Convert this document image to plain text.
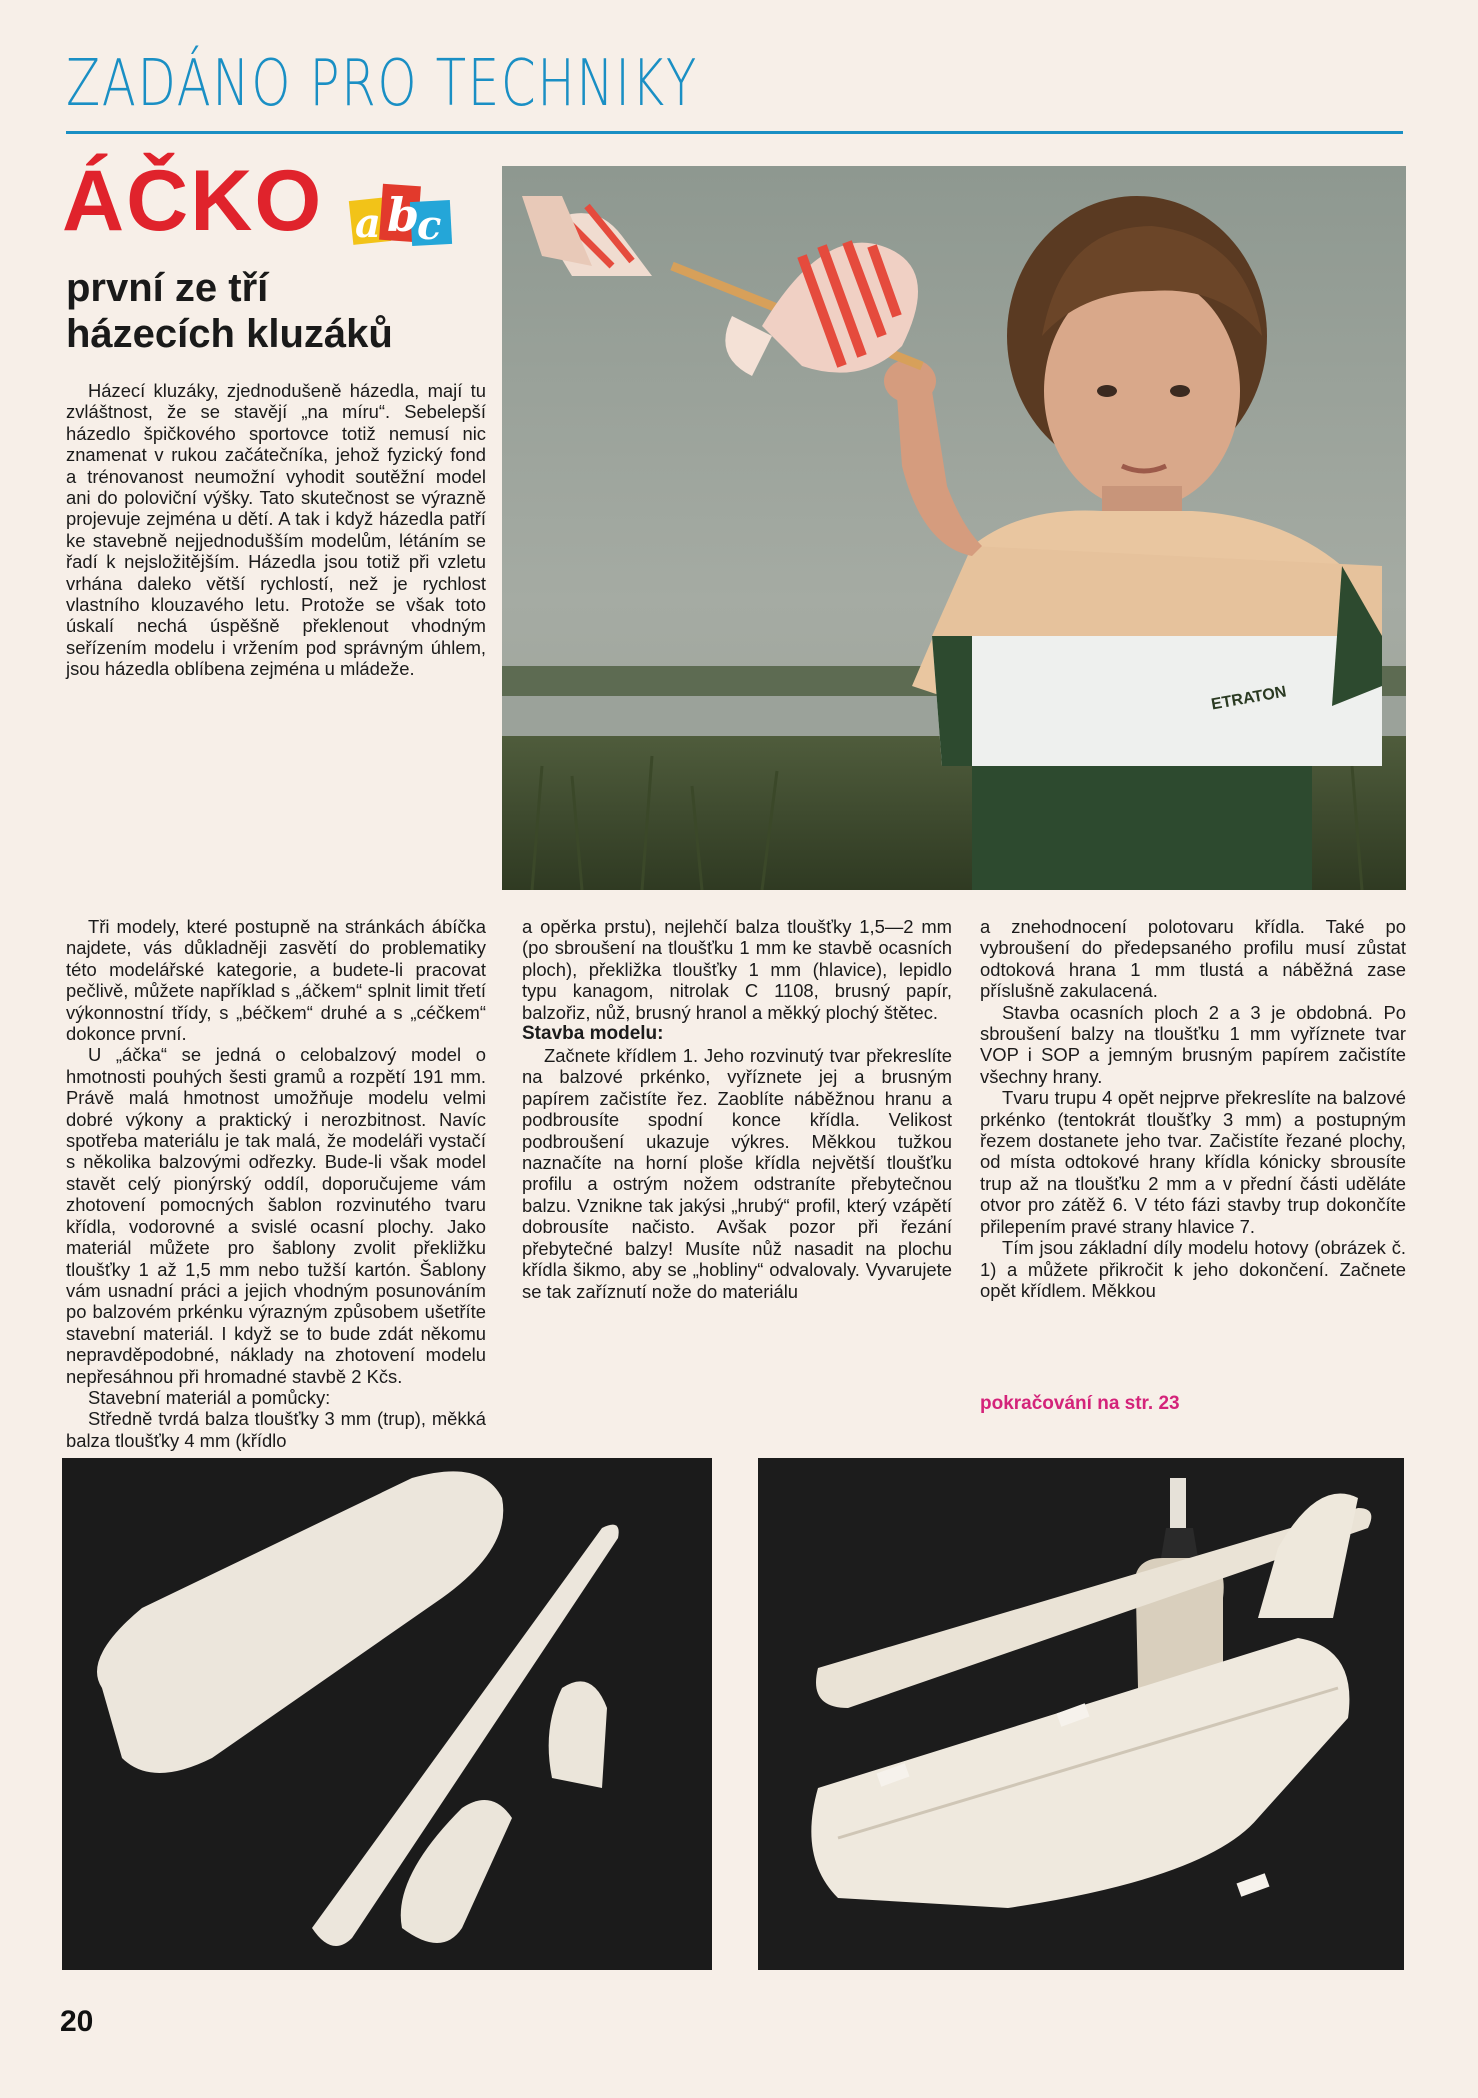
ZADÁNO PRO TECHNIKY
ÁČKO a b
c
první ze tří
házecích kluzáků

Házecí kluzáky, zjednodušeně házedla, mají tu zvláštnost, že se stavějí „na míru“. Sebelepší házedlo špičkového sportovce totiž nemusí nic znamenat v rukou začátečníka, jehož fyzický fond a trénovanost neumožní vyhodit soutěžní model ani do poloviční výšky. Tato skutečnost se výrazně projevuje zejména u dětí. A tak i když házedla patří ke stavebně nejjednodušším modelům, létáním se řadí k nejsložitějším. Házedla jsou totiž při vzletu vrhána daleko větší rychlostí, než je rychlost vlastního klouzavého letu. Protože se však toto úskalí nechá úspěšně překlenout vhodným seřízením modelu i vržením pod správným úhlem, jsou házedla oblíbena zejména u mládeže.

ETRATON

Tři modely, které postupně na stránkách ábíčka najdete, vás důkladněji zasvětí do problematiky této modelářské kategorie, a budete-li pracovat pečlivě, můžete například s „áčkem“ splnit limit třetí výkonnostní třídy, s „béčkem“ druhé a s „céčkem“ dokonce první.

U „áčka“ se jedná o celobalzový model o hmotnosti pouhých šesti gramů a rozpětí 191 mm. Právě malá hmotnost umožňuje modelu velmi dobré výkony a praktický i nerozbitnost. Navíc spotřeba materiálu je tak malá, že modeláři vystačí s několika balzovými odřezky. Bude-li však model stavět celý pionýrský oddíl, doporučujeme vám zhotovení pomocných šablon rozvinutého tvaru křídla, vodorovné a svislé ocasní plochy. Jako materiál můžete pro šablony zvolit překližku tloušťky 1 až 1,5 mm nebo tužší kartón. Šablony vám usnadní práci a jejich vhodným posunováním po balzovém prkénku výrazným způsobem ušetříte stavební materiál. I když se to bude zdát někomu nepravděpodobné, náklady na zhotovení modelu nepřesáhnou při hromadné stavbě 2 Kčs.

Stavební materiál a pomůcky:

Středně tvrdá balza tloušťky 3 mm (trup), měkká balza tloušťky 4 mm (křídlo

a opěrka prstu), nejlehčí balza tloušťky 1,5—2 mm (po sbroušení na tloušťku 1 mm ke stavbě ocasních ploch), překližka tloušťky 1 mm (hlavice), lepidlo typu kanagom, nitrolak C 1108, brusný papír, balzořiz, nůž, brusný hranol a měkký plochý štětec.

Stavba modelu:

Začnete křídlem 1. Jeho rozvinutý tvar překreslíte na balzové prkénko, vyříznete jej a brusným papírem začistíte řez. Zaoblíte náběžnou hranu a podbrousíte spodní konce křídla. Velikost podbroušení ukazuje výkres. Měkkou tužkou naznačíte na horní ploše křídla největší tloušťku profilu a ostrým nožem odstraníte přebytečnou balzu. Vznikne tak jakýsi „hrubý“ profil, který vzápětí dobrousíte načisto. Avšak pozor při řezání přebytečné balzy! Musíte nůž nasadit na plochu křídla šikmo, aby se „hobliny“ odvalovaly. Vyvarujete se tak zaříznutí nože do materiálu

a znehodnocení polotovaru křídla. Také po vybroušení do předepsaného profilu musí zůstat odtoková hrana 1 mm tlustá a náběžná zase příslušně zakulacená.

Stavba ocasních ploch 2 a 3 je obdobná. Po sbroušení balzy na tloušťku 1 mm vyříznete tvar VOP i SOP a jemným brusným papírem začistíte všechny hrany.

Tvaru trupu 4 opět nejprve překreslíte na balzové prkénko (tentokrát tloušťky 3 mm) a postupným řezem dostanete jeho tvar. Začistíte řezané plochy, od místa odtokové hrany křídla kónicky sbrousíte trup až na tloušťku 2 mm a v přední části uděláte otvor pro zátěž 6. V této fázi stavby trup dokončíte přilepením pravé strany hlavice 7.

Tím jsou základní díly modelu hotovy (obrázek č. 1) a můžete přikročit k jeho dokončení. Začnete opět křídlem. Měkkou

pokračování na str. 23
20
